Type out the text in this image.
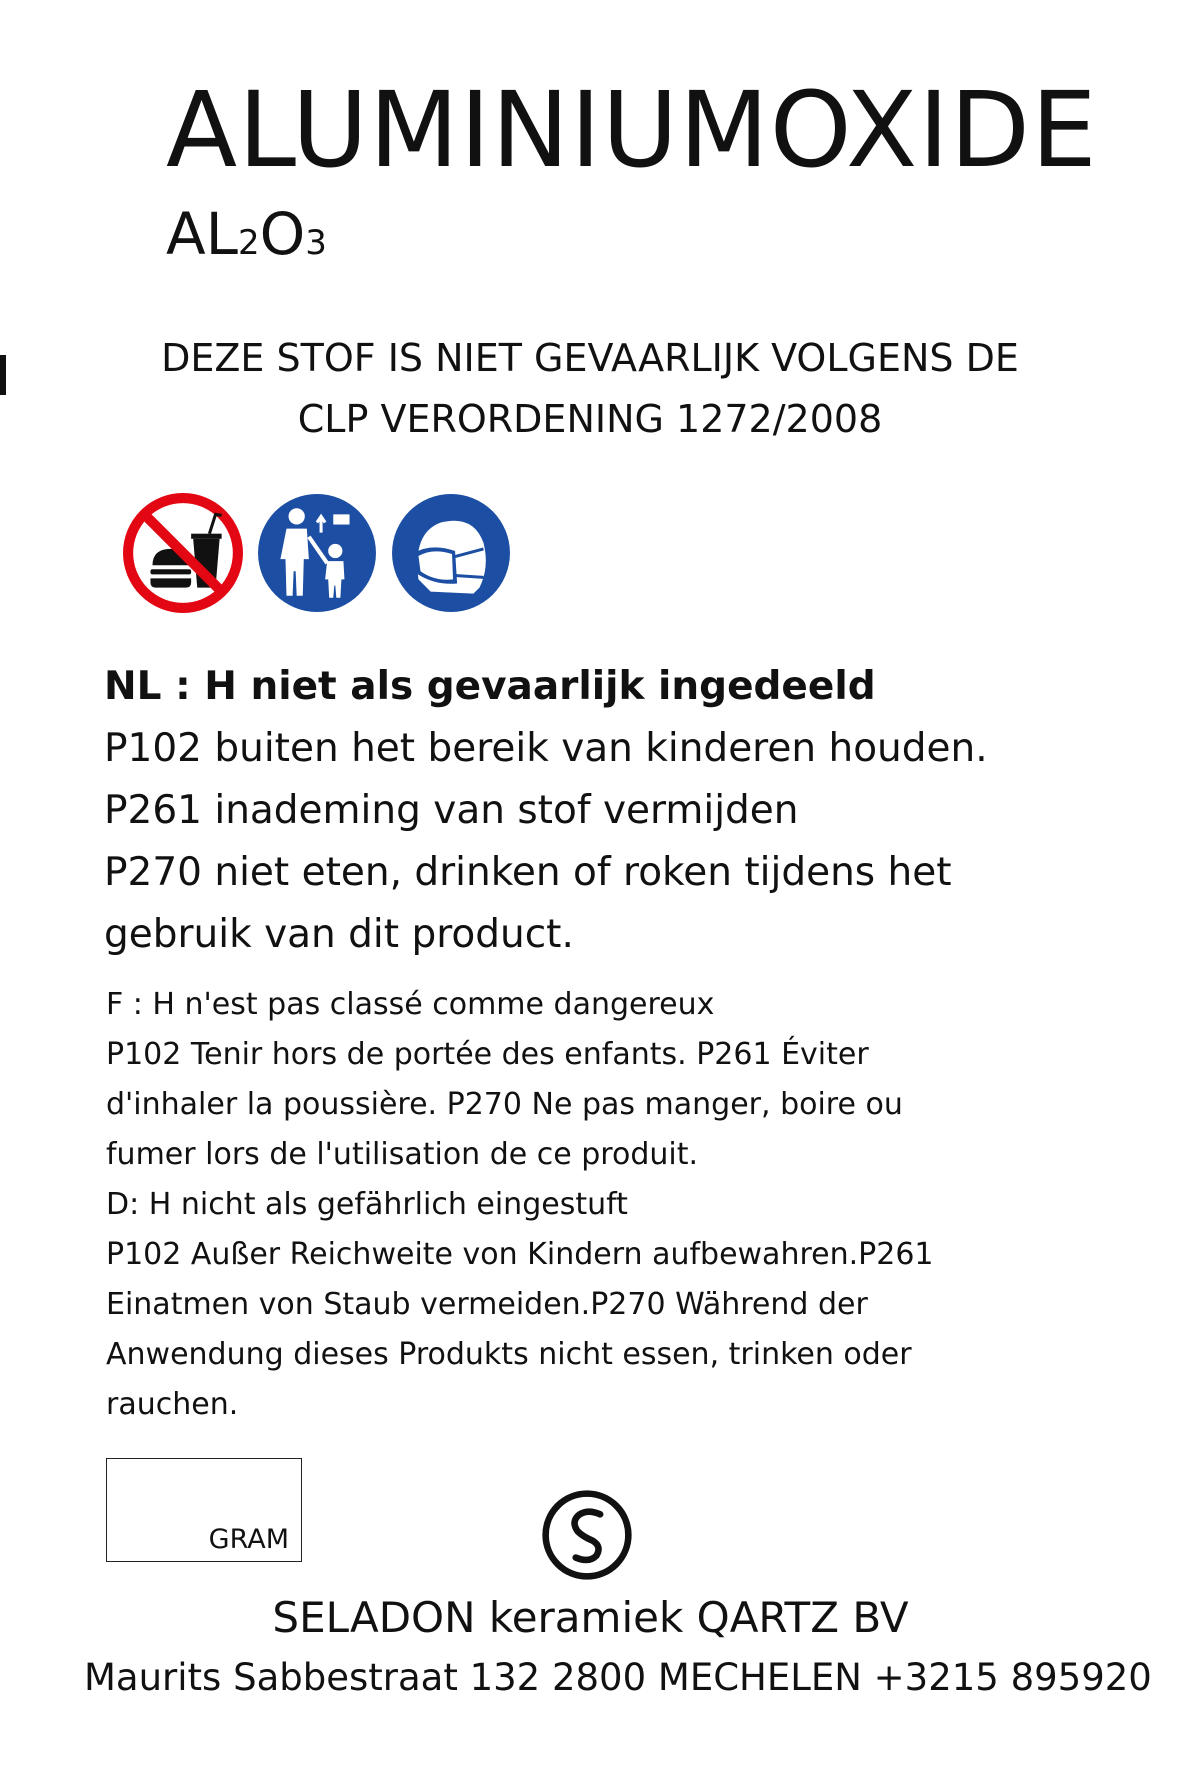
ALUMINIUMOXIDE
AL2O3
DEZE STOF IS NIET GEVAARLIJK VOLGENS DE
CLP VERORDENING 1272/2008
NL : H niet als gevaarlijk ingedeeld
P102 buiten het bereik van kinderen houden.
P261 inademing van stof vermijden
P270 niet eten, drinken of roken tijdens het
gebruik van dit product.
F : H n'est pas classé comme dangereux
P102 Tenir hors de portée des enfants. P261 Éviter
d'inhaler la poussière. P270 Ne pas manger, boire ou
fumer lors de l'utilisation de ce produit.
D: H nicht als gefährlich eingestuft
P102 Außer Reichweite von Kindern aufbewahren.P261
Einatmen von Staub vermeiden.P270 Während der
Anwendung dieses Produkts nicht essen, trinken oder
rauchen.
GRAM
SELADON keramiek QARTZ BV
Maurits Sabbestraat 132 2800 MECHELEN +3215 895920
